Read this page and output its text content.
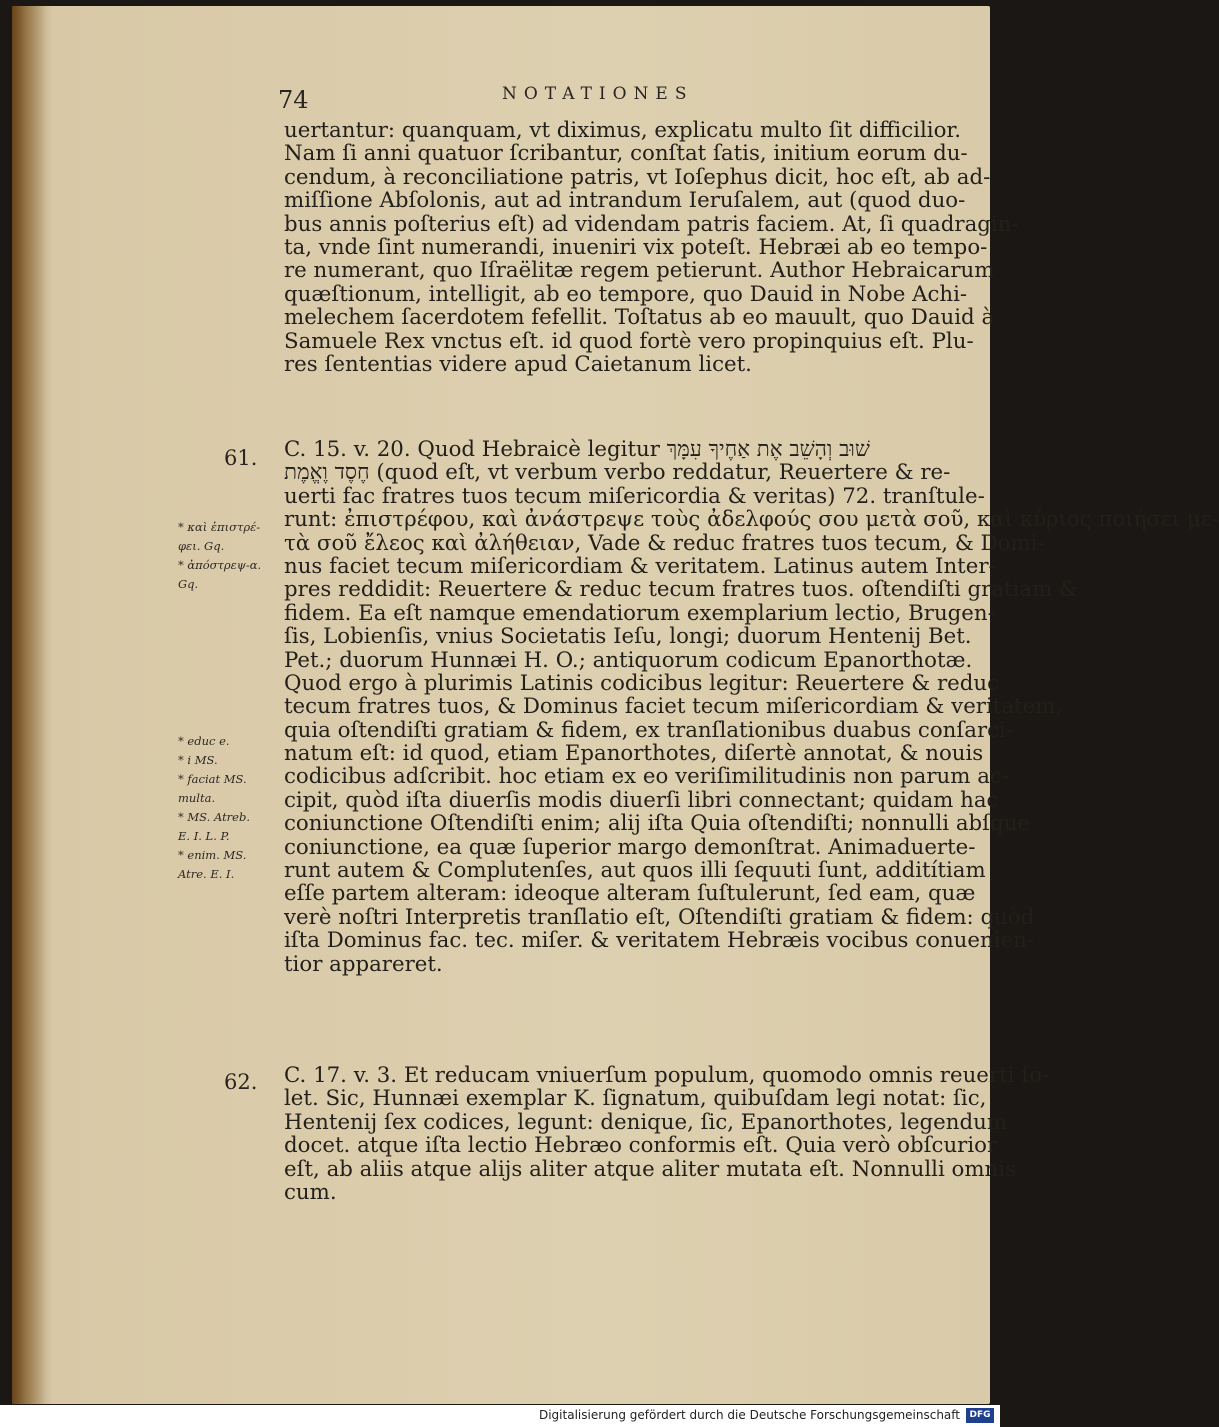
74	NOTATIONES
uertantur: quanquam, vt diximus, explicatu multo ſit difficilior.
Nam ſi anni quatuor ſcribantur, conſtat ſatis, initium eorum du-
cendum, à reconciliatione patris, vt Ioſephus dicit, hoc eſt, ab ad-
miſſione Abſolonis, aut ad intrandum Ieruſalem, aut (quod duo-
bus annis poſterius eſt) ad videndam patris faciem. At, ſi quadragin-
ta, vnde ſint numerandi, inueniri vix poteſt. Hebræi ab eo tempo-
re numerant, quo Iſraëlitæ regem petierunt. Author Hebraicarum
quæſtionum, intelligit, ab eo tempore, quo Dauid in Nobe Achi-
melechem ſacerdotem fefellit. Toſtatus ab eo mauult, quo Dauid à
Samuele Rex vnctus eſt. id quod fortè vero propinquius eſt. Plu-
res ſententias videre apud Caietanum licet.
61.
* καὶ ἐπιστρέ-
φει. Gq.
* ἀπόστρεψ-α.
Gq.
C. 15. v. 20. Quod Hebraicè legitur שׁוּב וְהָשֵׁב אֶת אַחֶיךָ עִמָּךְ
חֶסֶד וֶאֱמֶת (quod eſt, vt verbum verbo reddatur, Reuertere & re-
uerti fac fratres tuos tecum miſericordia & veritas) 72. tranſtule-
runt: ἐπιστρέφου, καὶ ἀνάστρεψε τοὺς ἀδελφούς σου μετὰ σοῦ, καὶ κύριος ποιήσει με-
τὰ σοῦ ἔλεος καὶ ἀλήθειαν, Vade & reduc fratres tuos tecum, & Domi-
nus faciet tecum miſericordiam & veritatem. Latinus autem Inter-
pres reddidit: Reuertere & reduc tecum fratres tuos. oſtendiſti gratiam &
fidem. Ea eſt namque emendatiorum exemplarium lectio, Brugen-
ſis, Lobienſis, vnius Societatis Ieſu, longi; duorum Hentenij Bet.
Pet.; duorum Hunnæi H. O.; antiquorum codicum Epanorthotæ.
Quod ergo à plurimis Latinis codicibus legitur: Reuertere & reduc
tecum fratres tuos, & Dominus faciet tecum miſericordiam & veritatem,
quia oſtendiſti gratiam & fidem, ex tranſlationibus duabus conſarci-
natum eſt: id quod, etiam Epanorthotes, diſertè annotat, & nouis
codicibus adſcribit. hoc etiam ex eo veriſimilitudinis non parum ac-
cipit, quòd iſta diuerſis modis diuerſi libri connectant; quidam hac
coniunctione Oſtendiſti enim; alij iſta Quia oſtendiſti; nonnulli abſque
coniunctione, ea quæ ſuperior margo demonſtrat. Animaduerte-
runt autem & Complutenſes, aut quos illi ſequuti ſunt, additítiam
eſſe partem alteram: ideoque alteram ſuſtulerunt, ſed eam, quæ
verè noſtri Interpretis tranſlatio eſt, Oſtendiſti gratiam & fidem: quòd
iſta Dominus fac. tec. miſer. & veritatem Hebræis vocibus conuenien-
tior appareret.
* educ e.
* i MS.
* faciat MS.
multa.
* MS. Atreb.
E. I. L. P.
* enim. MS.
Atre. E. I.
62. C. 17. v. 3. Et reducam vniuerſum populum, quomodo omnis reuerti ſo-
let. Sic, Hunnæi exemplar K. ſignatum, quibuſdam legi notat: ſic,
Hentenij ſex codices, legunt: denique, ſic, Epanorthotes, legendum
docet. atque iſta lectio Hebræo conformis eſt. Quia verò obſcurior
eſt, ab aliis atque alijs aliter atque aliter mutata eſt. Nonnulli omnis
cum.
Digitalisierung gefördert durch die Deutsche Forschungsgemeinschaft	DFG
